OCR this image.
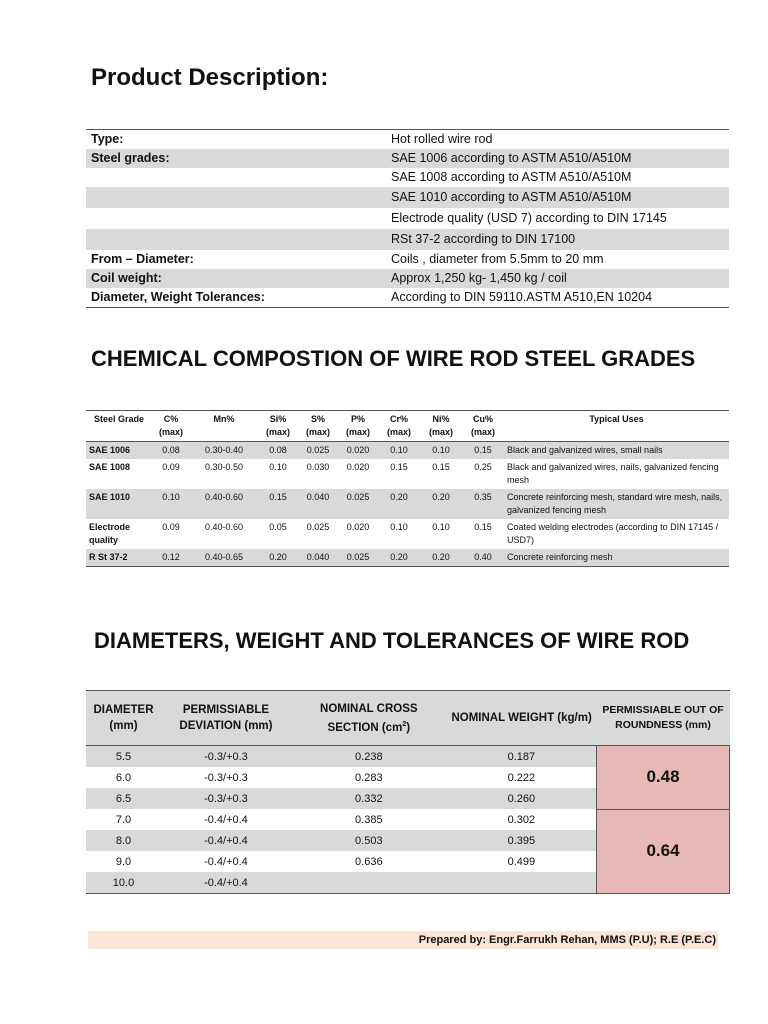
Product Description:
Type:	Hot rolled wire rod
Steel grades:	SAE 1006 according to ASTM A510/A510M
	SAE 1008 according to ASTM A510/A510M
	SAE 1010 according to ASTM A510/A510M
	Electrode quality (USD 7) according to DIN 17145
	RSt 37-2 according to DIN 17100
From – Diameter:	Coils , diameter from 5.5mm to 20 mm
Coil weight:	Approx 1,250 kg- 1,450 kg / coil
Diameter, Weight Tolerances:	According to DIN 59110.ASTM A510,EN 10204
CHEMICAL COMPOSTION OF WIRE ROD STEEL GRADES
Steel Grade	C% (max)	Mn%	Si% (max)	S% (max)	P% (max)	Cr% (max)	Ni% (max)	Cu% (max)	Typical Uses
SAE 1006	0.08	0.30-0.40	0.08	0.025	0.020	0.10	0.10	0.15	Black and galvanized wires, small nails
SAE 1008	0.09	0.30-0.50	0.10	0.030	0.020	0.15	0.15	0.25	Black and galvanized wires, nails, galvanized fencing mesh
SAE 1010	0.10	0.40-0.60	0.15	0.040	0.025	0.20	0.20	0.35	Concrete reinforcing mesh, standard wire mesh, nails, galvanized fencing mesh
Electrode quality	0.09	0.40-0.60	0.05	0.025	0.020	0.10	0.10	0.15	Coated welding electrodes (according to DIN 17145 / USD7)
R St 37-2	0.12	0.40-0.65	0.20	0.040	0.025	0.20	0.20	0.40	Concrete reinforcing mesh
DIAMETERS, WEIGHT AND TOLERANCES OF WIRE ROD
DIAMETER (mm)	PERMISSIABLE DEVIATION (mm)	NOMINAL CROSS SECTION $(cm^2)$	NOMINAL WEIGHT (kg/m)	PERMISSIABLE OUT OF ROUNDNESS (mm)
5.5	-0.3/+0.3	0.238	0.187	0.48
6.0	-0.3/+0.3	0.283	0.222	
6.5	-0.3/+0.3	0.332	0.260	
7.0	-0.4/+0.4	0.385	0.302	0.64
8.0	-0.4/+0.4	0.503	0.395	
9.0	-0.4/+0.4	0.636	0.499	
10.0	-0.4/+0.4			
Prepared by: Engr.Farrukh Rehan, MMS (P.U); R.E (P.E.C)
